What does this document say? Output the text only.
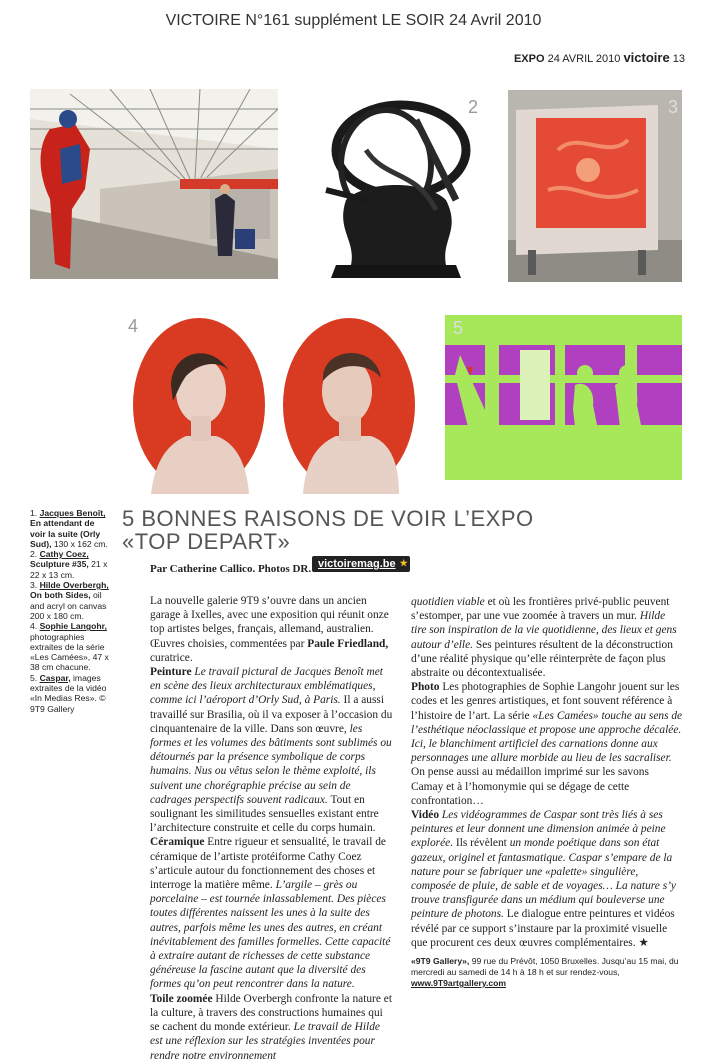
VICTOIRE N°161 supplément LE SOIR 24 Avril 2010
EXPO 24 AVRIL 2010 victoire 13
2	3
4	5

1. Jacques Benoît, En attendant de voir la suite (Orly Sud), 130 x 162 cm.

2. Cathy Coez, Sculpture #35, 21 x 22 x 13 cm.

3. Hilde Overbergh, On both Sides, oil and acryl on canvas 200 x 180 cm.

4. Sophie Langohr, photographies extraites de la série «Les Camées», 47 x 38 cm chacune.

5. Caspar, images extraites de la vidéo «In Medias Res». © 9T9 Gallery

5 BONNES RAISONS DE VOIR L’EXPO
«TOP DEPART»
Par Catherine Callico. Photos DR. victoiremag.be ★

La nouvelle galerie 9T9 s’ouvre dans un ancien garage à Ixelles, avec une exposition qui réunit onze top artistes belges, français, allemand, australien. Œuvres choisies, commentées par Paule Friedland, curatrice.

Peinture Le travail pictural de Jacques Benoît met en scène des lieux architecturaux emblématiques, comme ici l’aéroport d’Orly Sud, à Paris. Il a aussi travaillé sur Brasilia, où il va exposer à l’occasion du cinquantenaire de la ville. Dans son œuvre, les formes et les volumes des bâtiments sont sublimés ou détournés par la présence symbolique de corps humains. Nus ou vêtus selon le thème exploité, ils suivent une chorégraphie précise au sein de cadrages perspectifs souvent radicaux. Tout en soulignant les similitudes sensuelles existant entre l’architecture construite et celle du corps humain.

Céramique Entre rigueur et sensualité, le travail de céramique de l’artiste protéiforme Cathy Coez s’articule autour du fonctionnement des choses et interroge la matière même. L’argile – grès ou porcelaine – est tournée inlassablement. Des pièces toutes différentes naissent les unes à la suite des autres, parfois même les unes des autres, en créant inévitablement des familles formelles. Cette capacité à extraire autant de richesses de cette substance généreuse la fascine autant que la diversité des formes qu’on peut rencontrer dans la nature.

Toile zoomée Hilde Overbergh confronte la nature et la culture, à travers des constructions humaines qui se cachent du monde extérieur. Le travail de Hilde est une réflexion sur les stratégies inventées pour rendre notre environnement

quotidien viable et où les frontières privé-public peuvent s’estomper, par une vue zoomée à travers un mur. Hilde tire son inspiration de la vie quotidienne, des lieux et gens autour d’elle. Ses peintures résultent de la déconstruction d’une réalité physique qu’elle réinterprète de façon plus abstraite ou décontextualisée.

Photo Les photographies de Sophie Langohr jouent sur les codes et les genres artistiques, et font souvent référence à l’histoire de l’art. La série «Les Camées» touche au sens de l’esthétique néoclassique et propose une approche décalée. Ici, le blanchiment artificiel des carnations donne aux personnages une allure morbide au lieu de les sacraliser. On pense aussi au médaillon imprimé sur les savons Camay et à l’homonymie qui se dégage de cette confrontation…

Vidéo Les vidéogrammes de Caspar sont très liés à ses peintures et leur donnent une dimension animée à peine explorée. Ils révèlent un monde poétique dans son état gazeux, originel et fantasmatique. Caspar s’empare de la nature pour se fabriquer une «palette» singulière, composée de pluie, de sable et de voyages… La nature s’y trouve transfigurée dans un médium qui bouleverse une peinture de photons. Le dialogue entre peintures et vidéos révélé par ce support s’instaure par la proximité visuelle que procurent ces deux œuvres complémentaires. ★

«9T9 Gallery», 99 rue du Prévôt, 1050 Bruxelles. Jusqu’au 15 mai, du mercredi au samedi de 14 h à 18 h et sur rendez-vous, www.9T9artgallery.com
